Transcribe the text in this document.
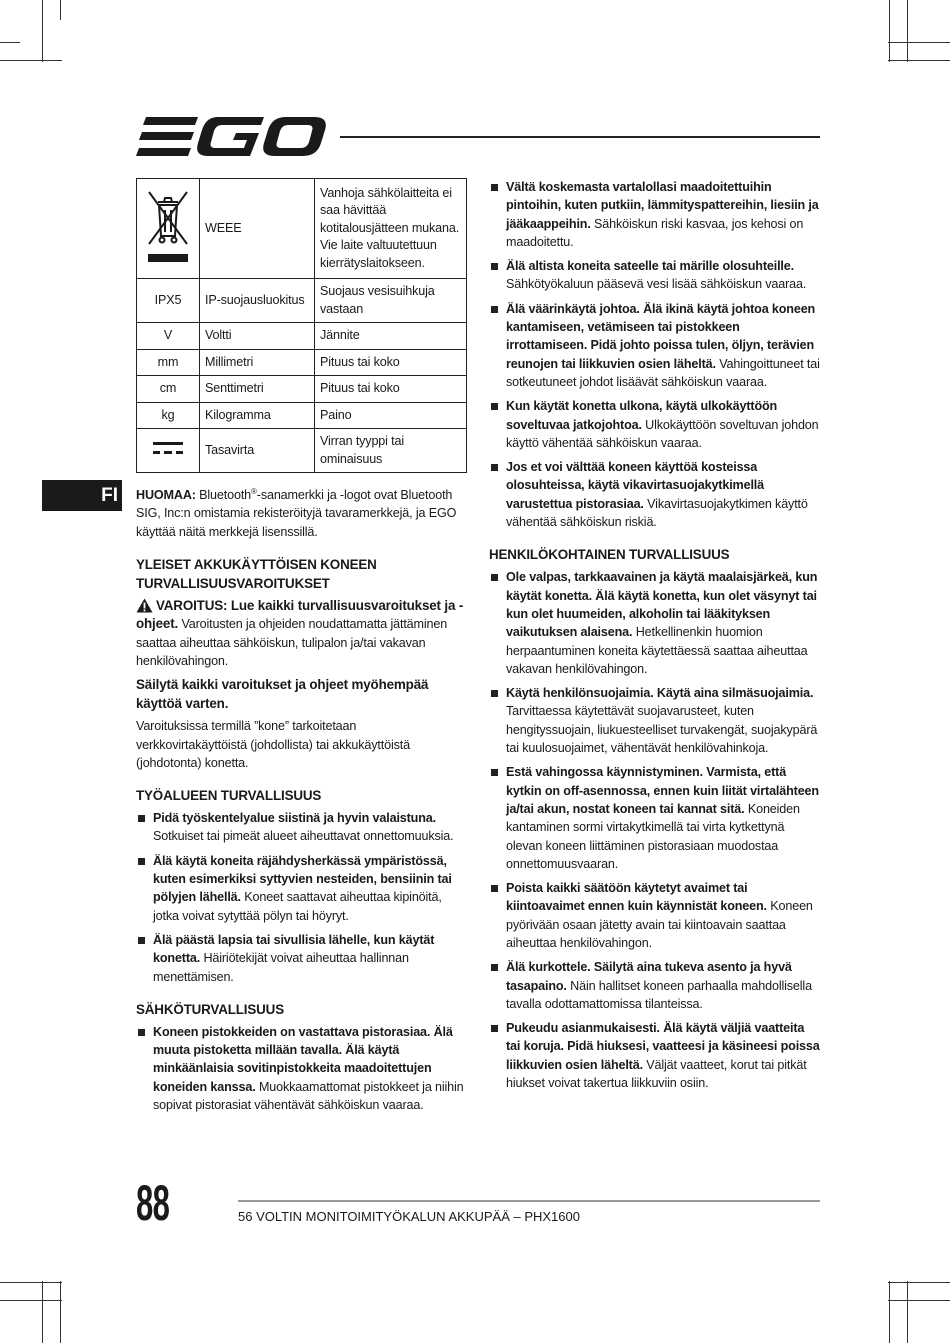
FI
	WEEE	Vanhoja sähkölaitteita ei saa hävittää kotitalousjätteen mukana. Vie laite valtuutettuun kierrätyslaitokseen.
IPX5	IP-suojausluokitus	Suojaus vesisuihkuja vastaan
V	Voltti	Jännite
mm	Millimetri	Pituus tai koko
cm	Senttimetri	Pituus tai koko
kg	Kilogramma	Paino
	Tasavirta	Virran tyyppi tai ominaisuus

HUOMAA: Bluetooth®-sanamerkki ja -logot ovat Bluetooth SIG, Inc:n omistamia rekisteröityjä tavaramerkkejä, ja EGO käyttää näitä merkkejä lisenssillä.

YLEISET AKKUKÄYTTÖISEN KONEEN TURVALLISUUSVAROITUKSET

VAROITUS: Lue kaikki turvallisuusvaroitukset ja -ohjeet. Varoitusten ja ohjeiden noudattamatta jättäminen saattaa aiheuttaa sähköiskun, tulipalon ja/tai vakavan henkilövahingon.

Säilytä kaikki varoitukset ja ohjeet myöhempää käyttöä varten.

Varoituksissa termillä ”kone” tarkoitetaan verkkovirtakäyttöistä (johdollista) tai akkukäyttöistä (johdotonta) konetta.

TYÖALUEEN TURVALLISUUS
Pidä työskentelyalue siistinä ja hyvin valaistuna. Sotkuiset tai pimeät alueet aiheuttavat onnettomuuksia.
Älä käytä koneita räjähdysherkässä ympäristössä, kuten esimerkiksi syttyvien nesteiden, bensiinin tai pölyjen lähellä. Koneet saattavat aiheuttaa kipinöitä, jotka voivat sytyttää pölyn tai höyryt.
Älä päästä lapsia tai sivullisia lähelle, kun käytät konetta. Häiriötekijät voivat aiheuttaa hallinnan menettämisen.
SÄHKÖTURVALLISUUS
Koneen pistokkeiden on vastattava pistorasiaa. Älä muuta pistoketta millään tavalla. Älä käytä minkäänlaisia sovitinpistokkeita maadoitettujen koneiden kanssa. Muokkaamattomat pistokkeet ja niihin sopivat pistorasiat vähentävät sähköiskun vaaraa.
Vältä koskemasta vartalollasi maadoitettuihin pintoihin, kuten putkiin, lämmityspattereihin, liesiin ja jääkaappeihin. Sähköiskun riski kasvaa, jos kehosi on maadoitettu.
Älä altista koneita sateelle tai märille olosuhteille. Sähkötyökaluun pääsevä vesi lisää sähköiskun vaaraa.
Älä väärinkäytä johtoa. Älä ikinä käytä johtoa koneen kantamiseen, vetämiseen tai pistokkeen irrottamiseen. Pidä johto poissa tulen, öljyn, terävien reunojen tai liikkuvien osien läheltä. Vahingoittuneet tai sotkeutuneet johdot lisäävät sähköiskun vaaraa.
Kun käytät konetta ulkona, käytä ulkokäyttöön soveltuvaa jatkojohtoa. Ulkokäyttöön soveltuvan johdon käyttö vähentää sähköiskun vaaraa.
Jos et voi välttää koneen käyttöä kosteissa olosuhteissa, käytä vikavirtasuojakytkimellä varustettua pistorasiaa. Vikavirtasuojakytkimen käyttö vähentää sähköiskun riskiä.
HENKILÖKOHTAINEN TURVALLISUUS
Ole valpas, tarkkaavainen ja käytä maalaisjärkeä, kun käytät konetta. Älä käytä konetta, kun olet väsynyt tai kun olet huumeiden, alkoholin tai lääkityksen vaikutuksen alaisena. Hetkellinenkin huomion herpaantuminen koneita käytettäessä saattaa aiheuttaa vakavan henkilövahingon.
Käytä henkilönsuojaimia. Käytä aina silmäsuojaimia. Tarvittaessa käytettävät suojavarusteet, kuten hengityssuojain, liukuesteelliset turvakengät, suojakypärä tai kuulosuojaimet, vähentävät henkilövahinkoja.
Estä vahingossa käynnistyminen. Varmista, että kytkin on off-asennossa, ennen kuin liität virtalähteen ja/tai akun, nostat koneen tai kannat sitä. Koneiden kantaminen sormi virtakytkimellä tai virta kytkettynä olevan koneen liittäminen pistorasiaan muodostaa onnettomuusvaaran.
Poista kaikki säätöön käytetyt avaimet tai kiintoavaimet ennen kuin käynnistät koneen. Koneen pyörivään osaan jätetty avain tai kiintoavain saattaa aiheuttaa henkilövahingon.
Älä kurkottele. Säilytä aina tukeva asento ja hyvä tasapaino. Näin hallitset koneen parhaalla mahdollisella tavalla odottamattomissa tilanteissa.
Pukeudu asianmukaisesti. Älä käytä väljiä vaatteita tai koruja. Pidä hiuksesi, vaatteesi ja käsineesi poissa liikkuvien osien läheltä. Väljät vaatteet, korut tai pitkät hiukset voivat takertua liikkuviin osiin.
88	56 VOLTIN MONITOIMITYÖKALUN AKKUPÄÄ – PHX1600
